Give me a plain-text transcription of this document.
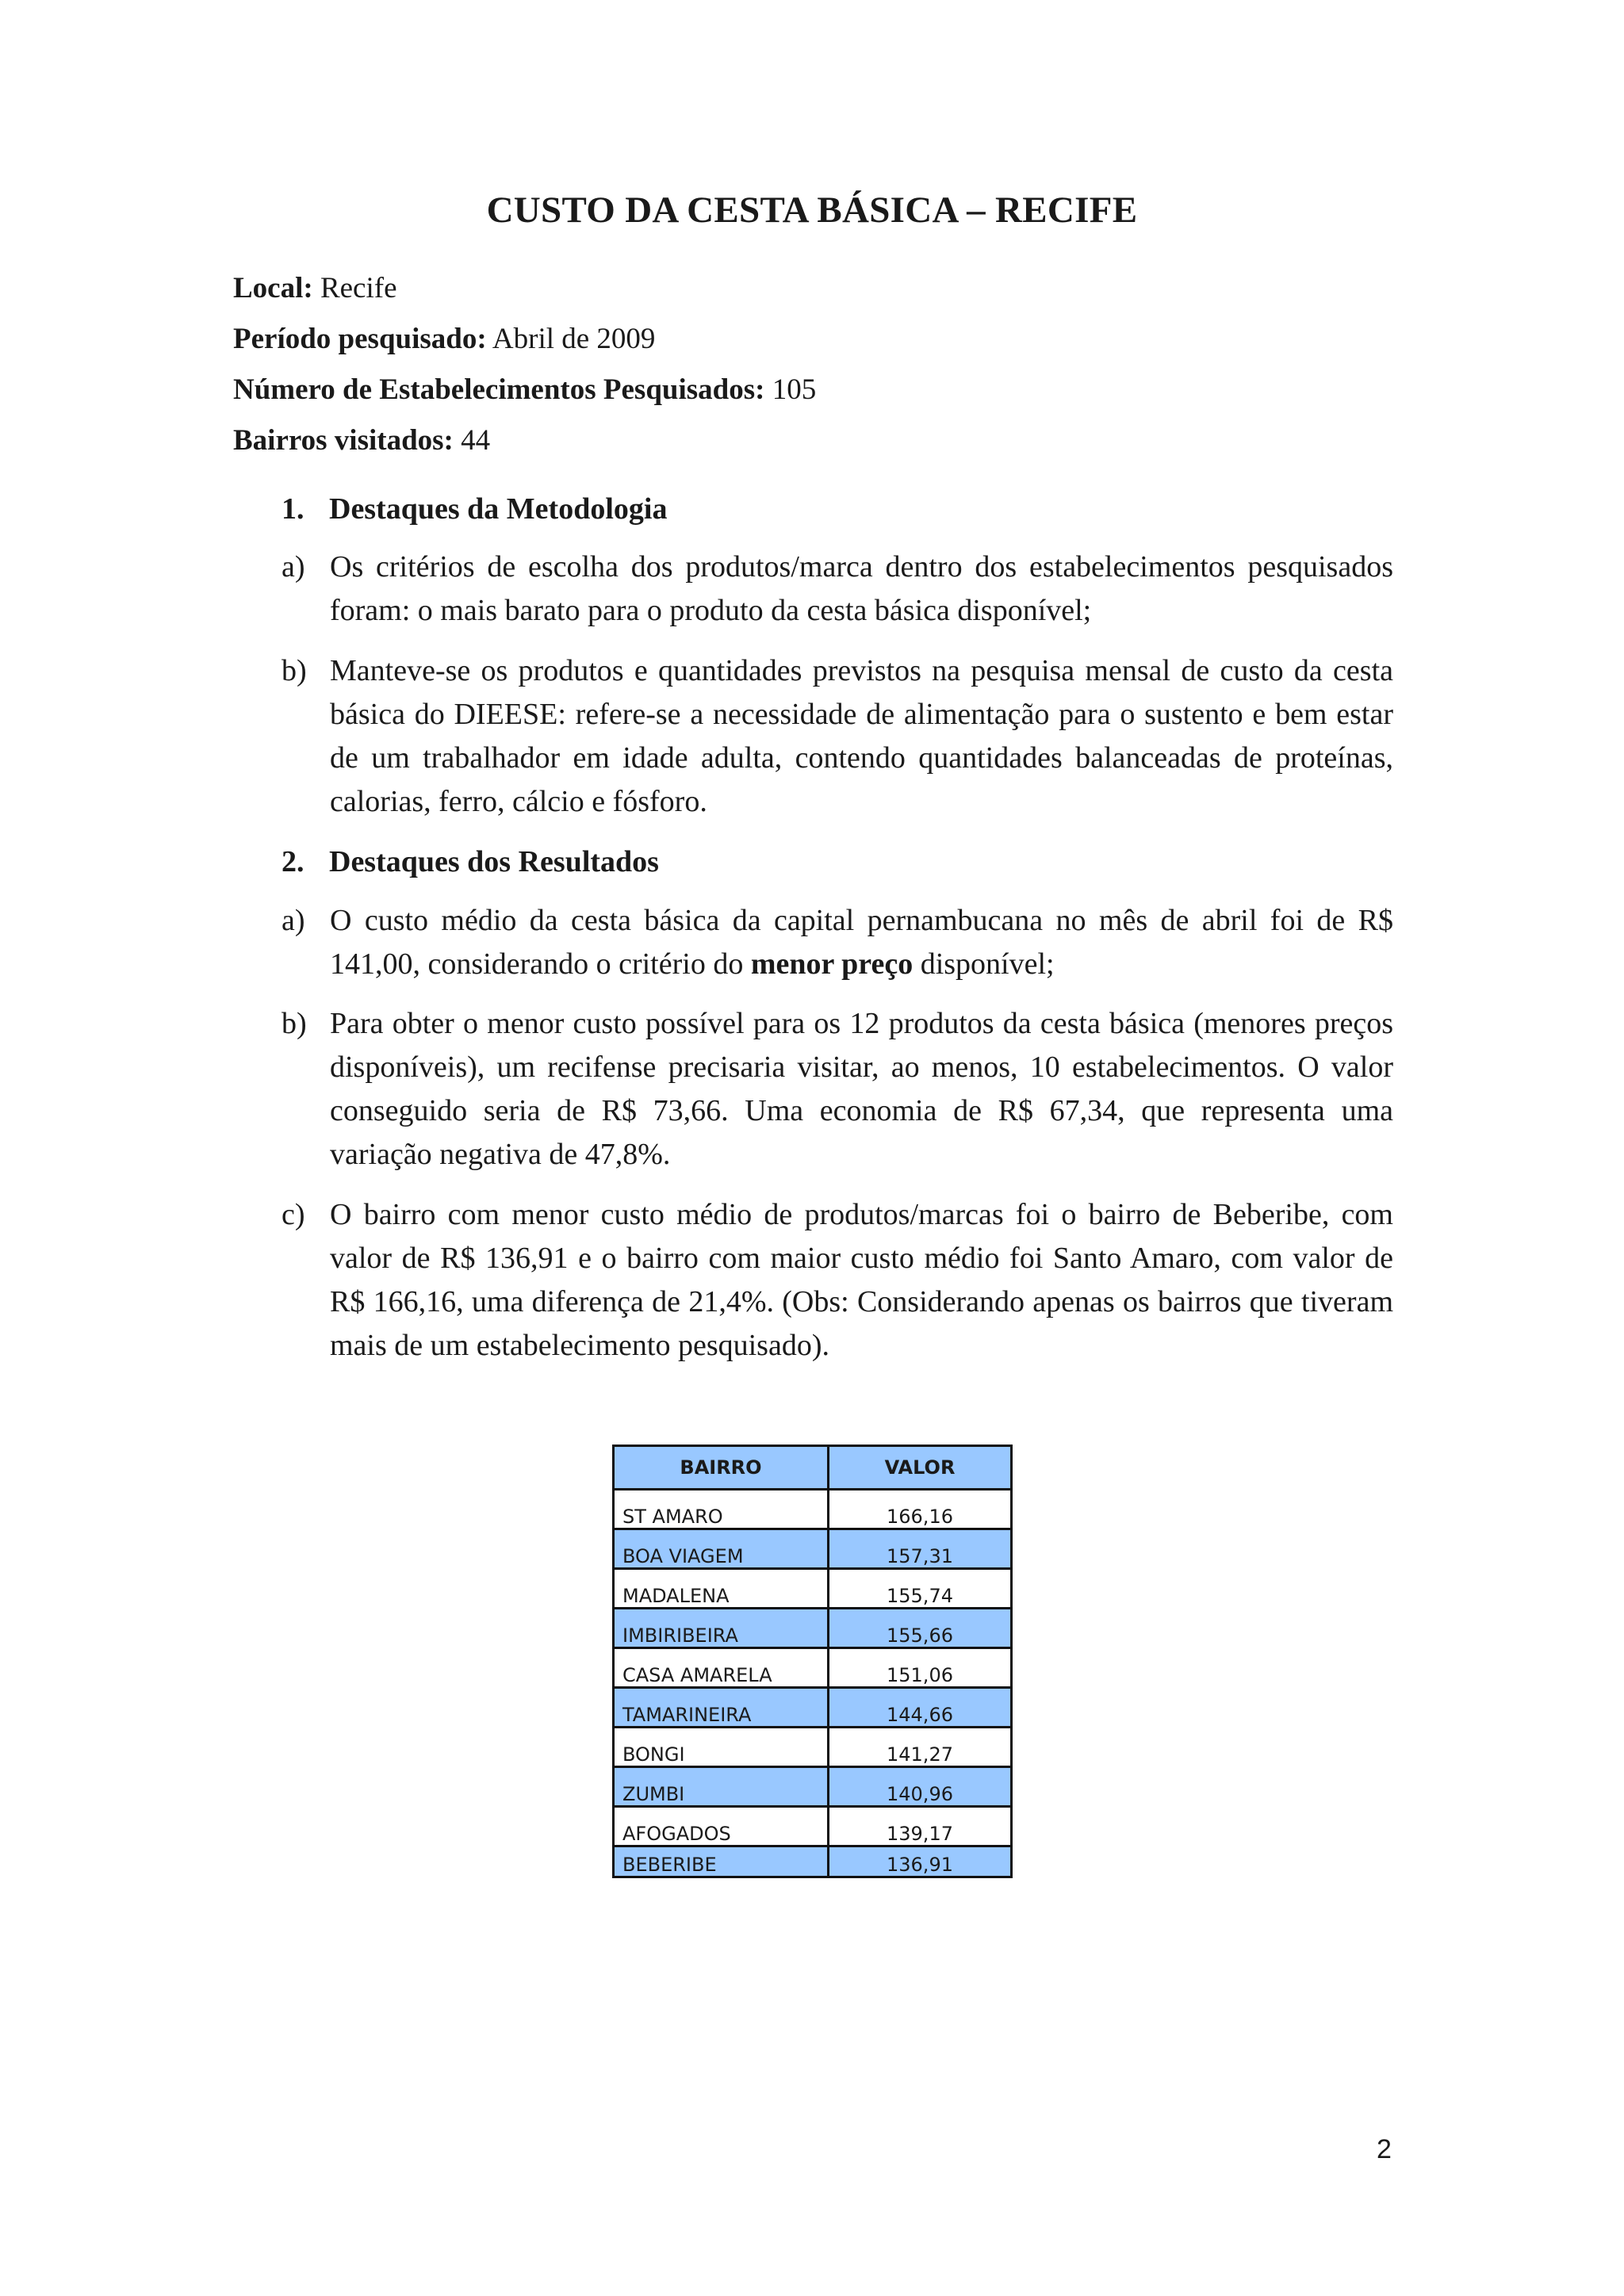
CUSTO DA CESTA BÁSICA – RECIFE
Local: Recife
Período pesquisado: Abril de 2009
Número de Estabelecimentos Pesquisados: 105
Bairros visitados: 44
1. Destaques da Metodologia
a) Os critérios de escolha dos produtos/marca dentro dos estabelecimentos pesquisados foram: o mais barato para o produto da cesta básica disponível;
b) Manteve-se os produtos e quantidades previstos na pesquisa mensal de custo da cesta básica do DIEESE: refere-se a necessidade de alimentação para o sustento e bem estar de um trabalhador em idade adulta, contendo quantidades balanceadas de proteínas, calorias, ferro, cálcio e fósforo.
2. Destaques dos Resultados
a) O custo médio da cesta básica da capital pernambucana no mês de abril foi de R$ 141,00, considerando o critério do menor preço disponível;
b) Para obter o menor custo possível para os 12 produtos da cesta básica (menores preços disponíveis), um recifense precisaria visitar, ao menos, 10 estabelecimentos. O valor conseguido seria de R$ 73,66. Uma economia de R$ 67,34, que representa uma variação negativa de 47,8%.
c) O bairro com menor custo médio de produtos/marcas foi o bairro de Beberibe, com valor de R$ 136,91 e o bairro com maior custo médio foi Santo Amaro, com valor de R$ 166,16, uma diferença de 21,4%. (Obs: Considerando apenas os bairros que tiveram mais de um estabelecimento pesquisado).
BAIRRO	VALOR
ST AMARO	166,16
BOA VIAGEM	157,31
MADALENA	155,74
IMBIRIBEIRA	155,66
CASA AMARELA	151,06
TAMARINEIRA	144,66
BONGI	141,27
ZUMBI	140,96
AFOGADOS	139,17
BEBERIBE	136,91
2
